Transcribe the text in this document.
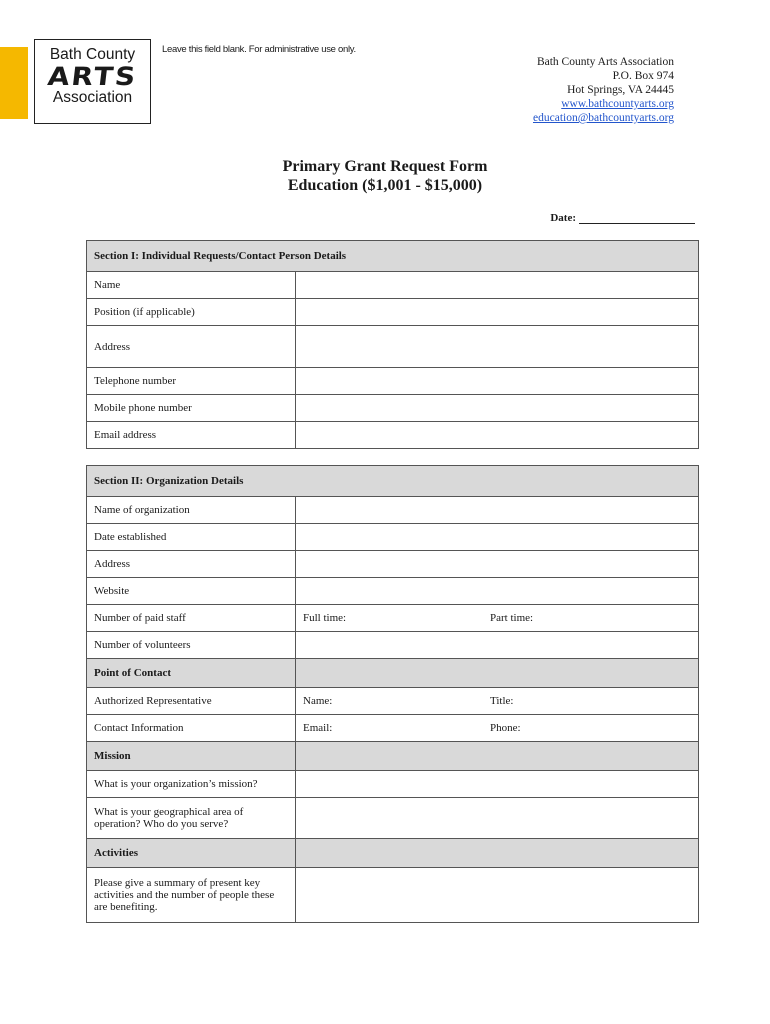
Bath County
ARTS
Association
Leave this field blank. For administrative use only.
Bath County Arts Association
P.O. Box 974
Hot Springs, VA 24445
www.bathcountyarts.org
education@bathcountyarts.org
Primary Grant Request Form
Education ($1,001 - $15,000)
Date:
Section I: Individual Requests/Contact Person Details	
Name	
Position (if applicable)	
Address	
Telephone number	
Mobile phone number	
Email address	
Section II: Organization Details	
Name of organization	
Date established	
Address	
Website	
Number of paid staff	Full time: Part time:

Number of volunteers	
Point of Contact	
Authorized Representative	Name: Title:

Contact Information	Email: Phone:

Mission	
What is your organization’s mission?	
What is your geographical area of operation? Who do you serve?	
Activities	
Please give a summary of present key activities and the number of people these are benefiting.	
